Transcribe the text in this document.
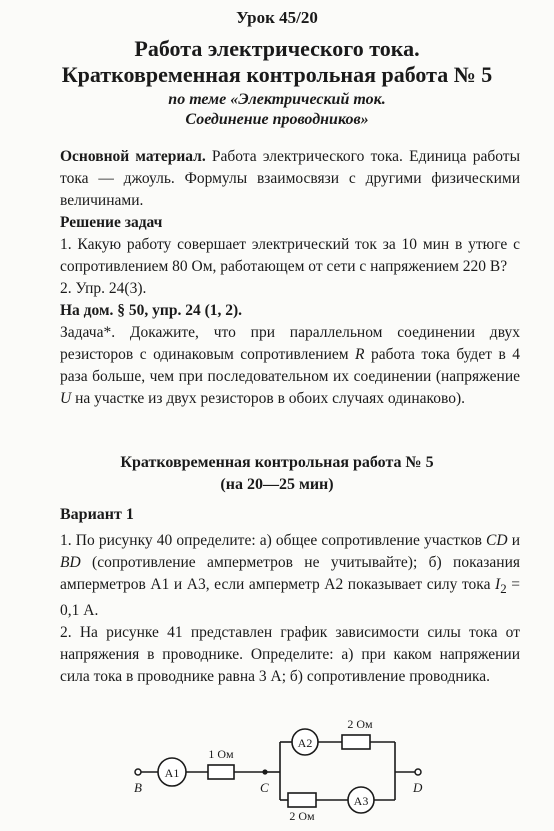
Урок 45/20
Работа электрического тока.
Кратковременная контрольная работа № 5
по теме «Электрический ток.
Соединение проводников»

Основной материал. Работа электрического тока. Единица работы тока — джоуль. Формулы взаимосвязи с другими физическими величинами.

Решение задач

1. Какую работу совершает электрический ток за 10 мин в утюге с сопротивлением 80 Ом, работающем от сети с напряжением 220 В?

2. Упр. 24(3).

На дом. § 50, упр. 24 (1, 2).

Задача*. Докажите, что при параллельном соединении двух резисторов с одинаковым сопротивлением R работа тока будет в 4 раза больше, чем при последовательном их соединении (напряжение U на участке из двух резисторов в обоих случаях одинаково).

Кратковременная контрольная работа № 5
(на 20—25 мин)
Вариант 1

1. По рисунку 40 определите: а) общее сопротивление участков CD и BD (сопротивление амперметров не учитывайте); б) показания амперметров А1 и А3, если амперметр А2 показывает силу тока $I_2 = 0,1$ А.

2. На рисунке 41 представлен график зависимости силы тока от напряжения в проводнике. Определите: а) при каком напряжении сила тока в проводнике равна 3 А; б) сопротивление проводника.

A1
1 Ом
A2
2 Ом
2 Ом
A3
B	C	D
